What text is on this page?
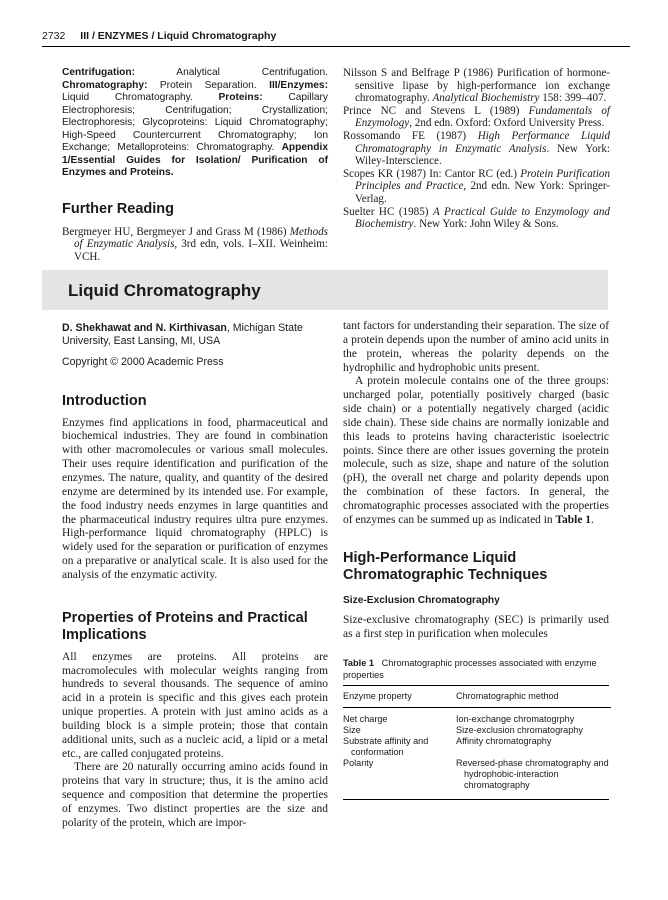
2732 III / ENZYMES / Liquid Chromatography
Centrifugation: Analytical Centrifugation. Chromatography: Protein Separation. III/Enzymes: Liquid Chromatography. Proteins: Capillary Electrophoresis; Centrifugation; Crystallization; Electrophoresis; Glycoproteins: Liquid Chromatography; High-Speed Countercurrent Chromatography; Ion Exchange; Metalloproteins: Chromatography. Appendix 1/Essential Guides for Isolation/ Purification of Enzymes and Proteins.
Further Reading

Bergmeyer HU, Bergmeyer J and Grass M (1986) Methods of Enzymatic Analysis, 3rd edn, vols. I–XII. Weinheim: VCH.

Nilsson S and Belfrage P (1986) Purification of hormone-sensitive lipase by high-performance ion exchange chromatography. Analytical Biochemistry 158: 399–407.

Prince NC and Stevens L (1989) Fundamentals of Enzymology, 2nd edn. Oxford: Oxford University Press.

Rossomando FE (1987) High Performance Liquid Chromatography in Enzymatic Analysis. New York: Wiley-Interscience.

Scopes KR (1987) In: Cantor RC (ed.) Protein Purification Principles and Practice, 2nd edn. New York: Springer-Verlag.

Suelter HC (1985) A Practical Guide to Enzymology and Biochemistry. New York: John Wiley & Sons.

Liquid Chromatography
D. Shekhawat and N. Kirthivasan, Michigan State University, East Lansing, MI, USA
Copyright © 2000 Academic Press
Introduction

Enzymes find applications in food, pharmaceutical and biochemical industries. They are found in combination with other macromolecules or various small molecules. Their uses require identification and purification of the enzymes. The nature, quality, and quantity of the desired enzyme are determined by its intended use. For example, the food industry needs enzymes in large quantities and the pharmaceutical industry requires ultra pure enzymes. High-performance liquid chromatography (HPLC) is widely used for the separation or purification of enzymes on a preparative or analytical scale. It is also used for the analysis of the enzymatic activity.

Properties of Proteins and Practical Implications

All enzymes are proteins. All proteins are macromolecules with molecular weights ranging from hundreds to several thousands. The sequence of amino acid in a protein is specific and this gives each protein unique properties. A protein with just amino acids as a building block is a simple protein; those that contain additional units, such as a nucleic acid, a lipid or a metal etc., are called conjugated proteins.

There are 20 naturally occurring amino acids found in proteins that vary in structure; thus, it is the amino acid sequence and composition that determine the properties of enzymes. Two distinct properties are the size and polarity of the protein, which are impor-

tant factors for understanding their separation. The size of a protein depends upon the number of amino acid units in the protein, whereas the polarity depends on the hydrophilic and hydrophobic units present.

A protein molecule contains one of the three groups: uncharged polar, potentially positively charged (basic side chain) or a potentially negatively charged (acidic side chain). These side chains are normally ionizable and this leads to proteins having characteristic isoelectric points. Since there are other issues governing the protein molecule, such as size, shape and nature of the solution (pH), the overall net charge and polarity depends upon the combination of these factors. In general, the chromatographic processes associated with the properties of enzymes can be summed up as indicated in Table 1.

High-Performance Liquid Chromatographic Techniques
Size-Exclusion Chromatography

Size-exclusive chromatography (SEC) is primarily used as a first step in purification when molecules

Table 1 Chromatographic processes associated with enzyme properties
Enzyme property	Chromatographic method

Net charge	Ion-exchange chromatogrphy
Size	Size-exclusion chromatography
Substrate affinity and conformation	Affinity chromatography
Polarity	Reversed-phase chromatography and hydrophobic-interaction chromatography
